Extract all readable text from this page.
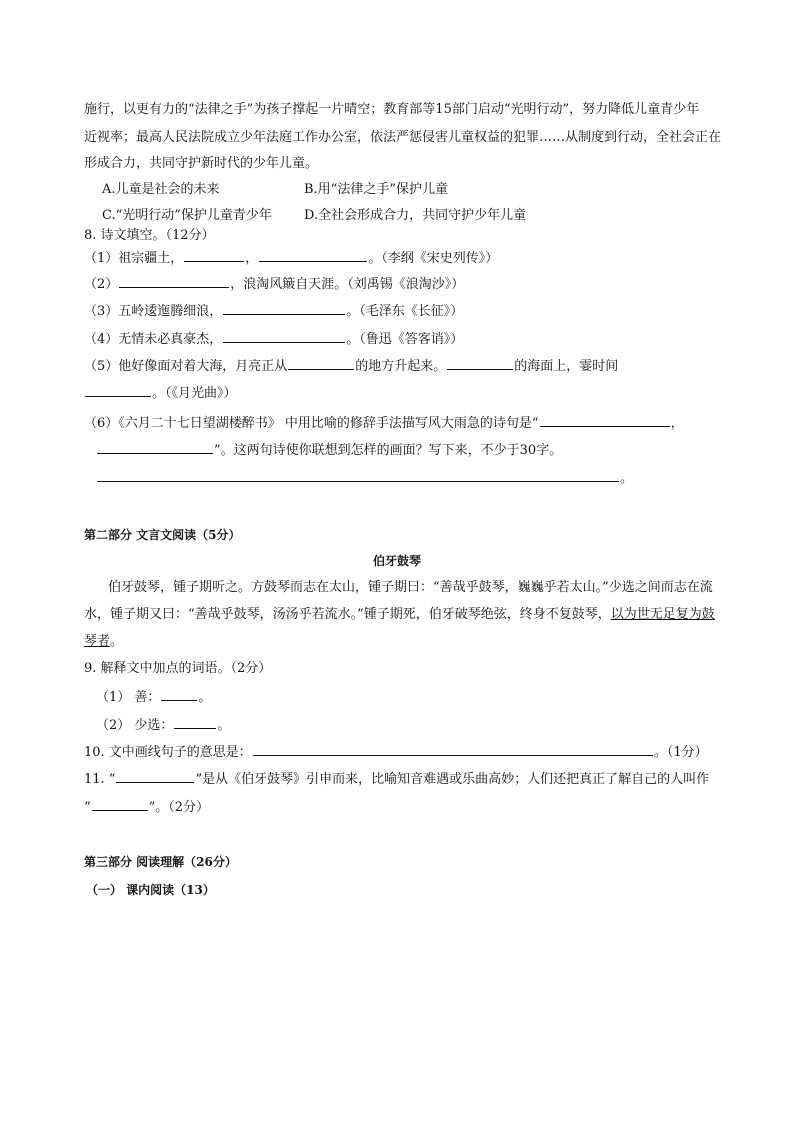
施行，以更有力的“法律之手”为孩子撑起一片晴空；教育部等15部门启动“光明行动”，努力降低儿童青少年
近视率；最高人民法院成立少年法庭工作办公室，依法严惩侵害儿童权益的犯罪……从制度到行动，全社会正在
形成合力，共同守护新时代的少年儿童。
A.儿童是社会的未来	B.用“法律之手”保护儿童
C.“光明行动”保护儿童青少年 D.全社会形成合力，共同守护少年儿童
8. 诗文填空。（12分）
（1）祖宗疆土，	，	。（李纲《宋史列传》）
（2）	，浪淘风簸自天涯。（刘禹锡《浪淘沙》）
（3）五岭逶迤腾细浪，	。（毛泽东《长征》）
（4）无情未必真豪杰，	。（鲁迅《答客诮》）
（5）他好像面对着大海，月亮正从	的地方升起来。	的海面上，霎时间
。（《月光曲》）
（6）《六月二十七日望湖楼醉书》 中用比喻的修辞手法描写风大雨急的诗句是“	，
”。这两句诗使你联想到怎样的画面？写下来，不少于30字。
。
第二部分 文言文阅读（5分）
伯牙鼓琴
伯牙鼓琴，锺子期听之。方鼓琴而志在太山，锺子期曰：“善哉乎鼓琴，巍巍乎若太山。”少选之间而志在流
水，锺子期又曰：“善哉乎鼓琴，汤汤乎若流水。”锺子期死，伯牙破琴绝弦，终身不复鼓琴，以为世无足复为鼓
琴者。
9. 解释文中加点的词语。（2分）
（1） 善：	。
（2） 少选：	。
10. 文中画线句子的意思是：	。（1分）
11. “	”是从《伯牙鼓琴》引申而来，比喻知音难遇或乐曲高妙；人们还把真正了解自己的人叫作
“	”。（2分）
第三部分 阅读理解（26分）
（一） 课内阅读（13）
